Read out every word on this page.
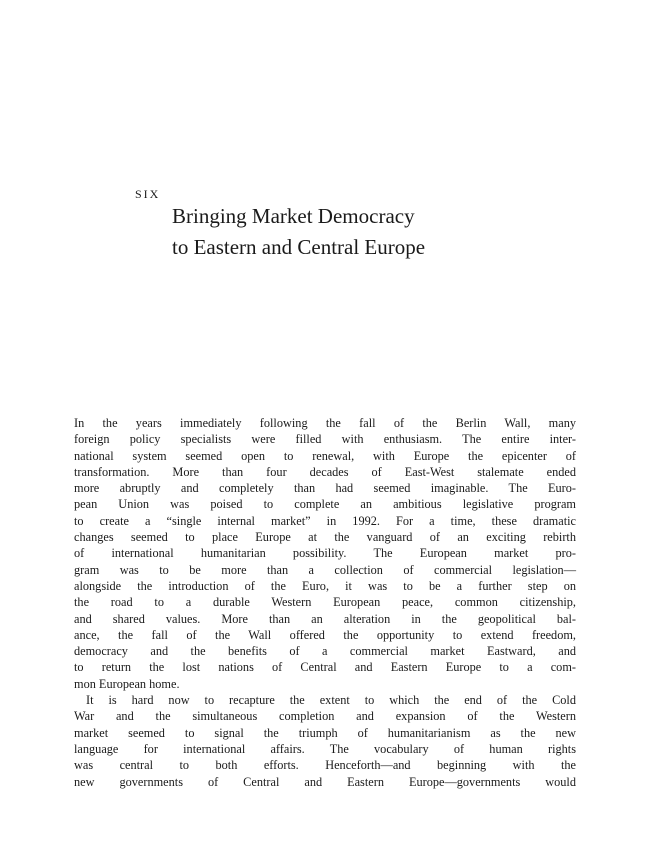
SIX
Bringing Market Democracy
to Eastern and Central Europe
In the years immediately following the fall of the Berlin Wall, many
foreign policy specialists were filled with enthusiasm. The entire inter-
national system seemed open to renewal, with Europe the epicenter of
transformation. More than four decades of East-West stalemate ended
more abruptly and completely than had seemed imaginable. The Euro-
pean Union was poised to complete an ambitious legislative program
to create a “single internal market” in 1992. For a time, these dramatic
changes seemed to place Europe at the vanguard of an exciting rebirth
of international humanitarian possibility. The European market pro-
gram was to be more than a collection of commercial legislation—
alongside the introduction of the Euro, it was to be a further step on
the road to a durable Western European peace, common citizenship,
and shared values. More than an alteration in the geopolitical bal-
ance, the fall of the Wall offered the opportunity to extend freedom,
democracy and the benefits of a commercial market Eastward, and
to return the lost nations of Central and Eastern Europe to a com-
mon European home.
It is hard now to recapture the extent to which the end of the Cold
War and the simultaneous completion and expansion of the Western
market seemed to signal the triumph of humanitarianism as the new
language for international affairs. The vocabulary of human rights
was central to both efforts. Henceforth—and beginning with the
new governments of Central and Eastern Europe—governments would
